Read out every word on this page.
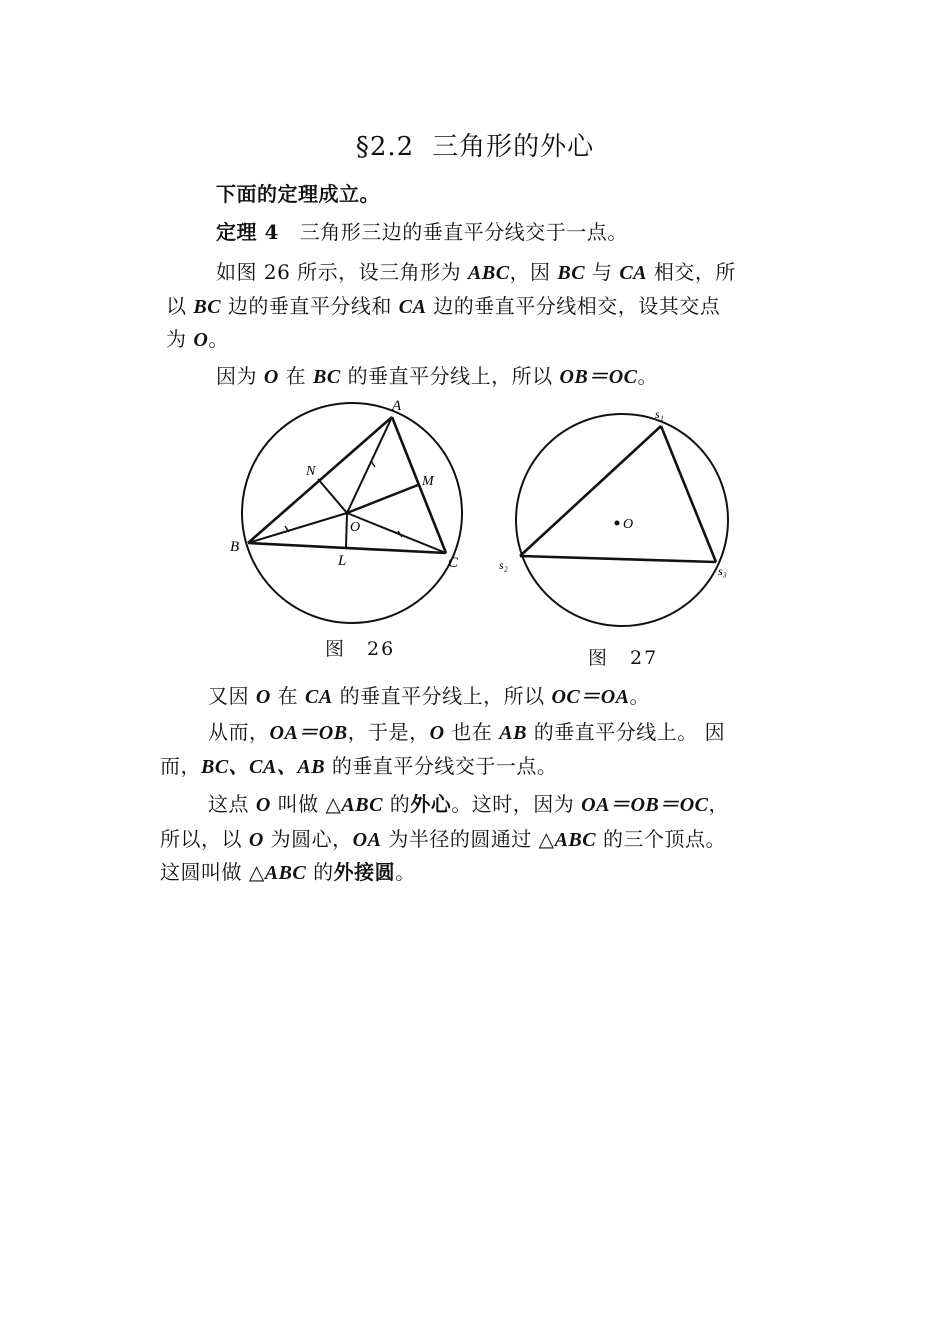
§2.2 三角形的外心
下面的定理成立。
定理 4 三角形三边的垂直平分线交于一点。
如图 26 所示，设三角形为 ABC，因 BC 与 CA 相交，所
以 BC 边的垂直平分线和 CA 边的垂直平分线相交，设其交点
为 O。
因为 O 在 BC 的垂直平分线上，所以 OB＝OC。
A
B
C
N
M
O
L
O
s₁
s₂	s₃
图　26	图　27
又因 O 在 CA 的垂直平分线上，所以 OC＝OA。
从而，OA＝OB，于是，O 也在 AB 的垂直平分线上。 因
而，BC、CA、AB 的垂直平分线交于一点。
这点 O 叫做 △ABC 的外心。这时，因为 OA＝OB＝OC，
所以，以 O 为圆心，OA 为半径的圆通过 △ABC 的三个顶点。
这圆叫做 △ABC 的外接圆。
